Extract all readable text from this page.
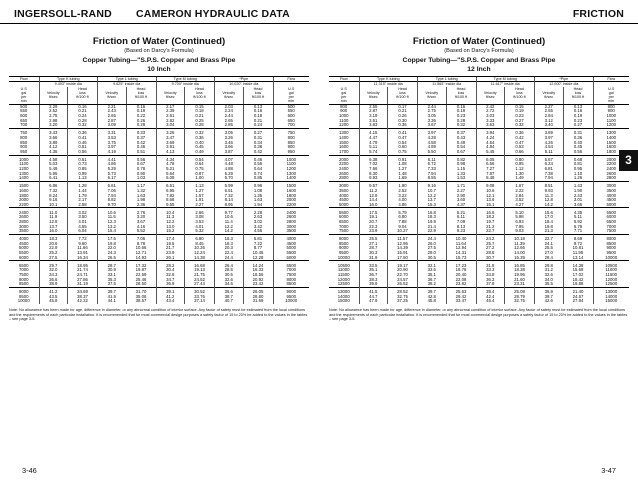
INGERSOLL-RAND CAMERON HYDRAULIC DATA	FRICTION
Friction of Water (Continued)
(Based on Darcy's Formula)
Copper Tubing—"S.P.S. Copper and Brass Pipe
10 Inch
Flow	Type K tubing		Type L tubing		Type M tubing		*Pipe		Flow
	9.493" inside dia		9.625" inside dia		9.700" inside dia		10.020" inside dia		
U.S		Head		Head		Head		Head	U.S
gal	Velocity	loss	Velocity	loss	Velocity	loss	Velocity	loss	gal
per	ft/sec	ft/100 ft	ft/sec	ft/100 ft	ft/sec	ft/100 ft	ft/sec	ft/100 ft	per
min									min
500	2.29	0.16	2.21	0.16	2.17	0.15	2.03	0.13	500
550	2.52	0.21	2.43	0.19	2.39	0.18	2.24	0.16	550
600	2.75	0.24	2.65	0.22	2.61	0.21	2.44	0.18	600
650	2.98	0.28	2.87	0.26	2.82	0.25	2.65	0.21	650
700	3.20	0.32	3.09	0.29	3.04	0.28	2.85	0.24	700
750	3.43	0.36	3.31	0.33	3.26	0.32	3.05	0.27	750
800	3.66	0.41	3.53	0.37	3.47	0.36	3.26	0.31	800
850	3.89	0.46	3.75	0.42	3.69	0.40	3.46	0.34	850
900	4.12	0.51	3.97	0.46	3.91	0.45	3.66	0.38	900
950	4.35	0.56	4.19	0.51	4.13	0.49	3.87	0.42	950
1000	4.58	0.61	4.41	0.56	4.34	0.54	4.07	0.46	1000
1100	5.03	0.73	4.86	0.67	4.78	0.64	4.48	0.55	1100
1200	5.49	0.85	5.29	0.78	5.21	0.75	4.88	0.64	1200
1300	5.95	0.99	5.73	0.90	5.64	0.87	5.29	0.74	1300
1400	6.41	1.13	6.17	1.03	6.08	1.00	5.70	0.85	1400
1500	6.86	1.28	6.61	1.17	6.51	1.13	5.99	0.96	1500
1600	7.32	1.44	7.06	1.32	6.95	1.27	6.51	1.08	1600
1800	8.24	1.79	7.94	1.63	7.82	1.57	7.32	1.35	1800
2000	9.16	2.17	8.82	1.98	8.68	1.91	8.14	1.63	2000
2200	10.1	2.58	9.70	2.36	9.55	2.27	8.95	1.94	2200
2400	11.0	3.02	10.6	2.76	10.4	2.66	9.77	2.28	2400
2600	11.9	3.50	11.5	3.20	11.3	3.08	10.6	2.63	2600
2800	12.8	4.01	12.3	3.67	12.2	3.53	11.4	3.02	2800
3000	13.7	4.55	13.2	4.16	13.0	4.01	12.2	3.42	3000
3500	16.0	6.04	15.4	5.52	15.2	5.32	14.2	4.55	3500
4000	18.3	7.72	17.6	7.06	17.4	6.80	16.3	5.81	4000
4500	20.6	9.60	19.8	8.78	19.5	8.45	18.3	7.22	4500
5000	22.9	11.66	22.0	10.66	21.7	10.26	20.3	8.77	5000
5500	25.2	13.91	24.3	12.71	23.9	12.24	22.4	10.45	5500
6000	27.5	16.34	26.5	14.93	26.1	14.38	24.4	12.28	6000
6500	29.7	18.95	28.7	17.32	28.2	16.68	26.4	14.24	6500
7000	32.0	21.74	30.9	19.87	30.4	19.13	28.5	16.33	7000
7500	34.3	24.71	33.1	22.59	32.6	21.75	30.5	18.56	7500
8000	36.6	27.86	35.3	25.46	34.7	24.52	32.6	20.92	8000
8500	38.9	31.19	37.5	28.50	36.9	27.44	34.6	23.42	8500
9000	41.2	34.69	39.7	31.70	39.1	30.52	36.6	26.05	9000
9500	43.5	38.37	41.9	35.06	41.2	33.76	38.7	28.80	9500
10000	45.8	42.22	44.1	38.57	43.4	37.14	40.7	31.69	10000
Note: No allowance has been made for age, difference in diameter, or any abnormal condition of interior surface. Any factor of safety must be estimated from the local conditions and the requirements of each particular installation. It is recommended that for most commercial design purposes a safety factor of 15 to 20% be added to the values in the tables – see page 3-5.
Friction of Water (Continued)
(Based on Darcy's Formula)
Copper Tubing—"S.P.S. Copper and Brass Pipe
12 Inch
Flow	Type K tubing		Type L tubing		Type M tubing		*Pipe		Flow
	11.315" inside dia		11.565" inside dia		11.617" inside dia		12.000" inside dia		
U.S		Head		Head		Head		Head	U.S
gal	Velocity	loss	Velocity	loss	Velocity	loss	Velocity	loss	gal
per	ft/sec	ft/100 ft	ft/sec	ft/100 ft	ft/sec	ft/100 ft	ft/sec	ft/100 ft	per
min									min
800	2.55	0.17	2.44	0.16	2.42	0.15	2.27	0.13	800
900	2.87	0.21	2.75	0.19	2.72	0.19	2.55	0.16	900
1000	3.19	0.26	3.05	0.23	3.03	0.23	2.84	0.19	1000
1100	3.51	0.30	3.36	0.28	3.33	0.27	3.12	0.23	1100
1200	3.83	0.36	3.67	0.32	3.63	0.32	3.40	0.27	1200
1300	4.15	0.41	3.97	0.37	3.94	0.36	3.69	0.31	1300
1400	4.47	0.47	4.28	0.43	4.24	0.42	3.97	0.36	1400
1500	4.79	0.54	4.58	0.49	4.54	0.47	4.26	0.40	1500
1600	5.11	0.60	4.89	0.54	4.84	0.53	4.54	0.45	1600
1700	5.74	0.75	5.50	0.67	5.45	0.66	5.11	0.56	1800
2000	6.38	0.91	6.11	0.82	6.05	0.80	5.67	0.68	2000
2200	7.02	1.08	6.72	0.98	6.66	0.95	6.24	0.81	2200
2400	7.66	1.27	7.33	1.15	7.27	1.12	6.81	0.95	2400
2600	8.30	1.48	7.94	1.33	7.87	1.30	7.38	1.10	2600
2800	8.93	1.69	8.55	1.53	8.48	1.49	7.94	1.26	2800
3000	9.57	1.90	9.16	1.71	9.08	1.67	8.51	1.43	3000
3500	11.2	2.52	10.7	2.27	10.6	2.22	9.93	1.90	3500
4000	12.8	3.22	12.2	2.90	12.1	2.84	11.3	2.43	4000
4500	14.4	4.00	13.7	3.60	13.6	3.52	12.8	3.01	4500
5000	16.0	4.86	15.3	4.37	15.1	4.27	14.2	3.65	5000
5500	17.5	5.79	16.8	5.21	16.6	5.10	15.6	4.35	5500
6000	19.1	6.80	18.3	6.11	18.2	5.98	17.0	5.11	6000
6500	20.7	7.88	19.9	7.09	19.7	6.93	18.4	5.92	6500
7000	22.3	9.04	21.4	8.13	21.2	7.95	19.8	6.79	7000
7500	23.9	10.27	22.9	9.23	22.7	9.03	21.3	7.71	7500
8000	25.5	11.57	24.4	10.40	24.2	10.18	22.7	8.69	8000
8500	27.1	12.95	26.0	11.64	25.7	11.39	24.1	9.72	8500
9000	28.7	14.39	27.5	12.94	27.2	12.66	25.5	10.81	9000
9500	30.3	15.91	29.0	14.31	28.8	14.00	27.0	11.95	9500
10000	31.9	17.50	30.5	15.73	30.7	15.39	28.4	13.14	10000
10500	33.5	19.17	32.1	17.23	31.8	16.85	29.8	14.38	10500
11000	35.1	20.90	33.6	18.78	33.3	18.38	31.2	15.68	11000
11500	36.7	22.70	35.1	20.40	34.8	19.96	32.6	17.02	11500
12000	38.3	24.57	36.7	22.08	36.3	21.60	34.0	18.42	12000
12500	39.9	26.52	38.2	23.82	37.8	23.31	35.5	19.88	12500
13000	41.5	28.52	39.7	25.63	39.4	25.08	36.9	21.40	13000
14000	44.7	32.75	42.8	29.42	42.4	28.79	39.7	24.57	14000
15000	47.9	37.25	45.8	33.47	45.4	32.75	42.6	27.94	15000
Note: No allowance has been made for age, difference in diameter, or any abnormal condition of interior surface. Any factor of safety must be estimated from the local conditions and the requirements of each particular installation. It is recommended that for most commercial design purposes a safety factor of 15 to 20% be added to the values in the tables – see page 3-5.
3
3-46	3-47
